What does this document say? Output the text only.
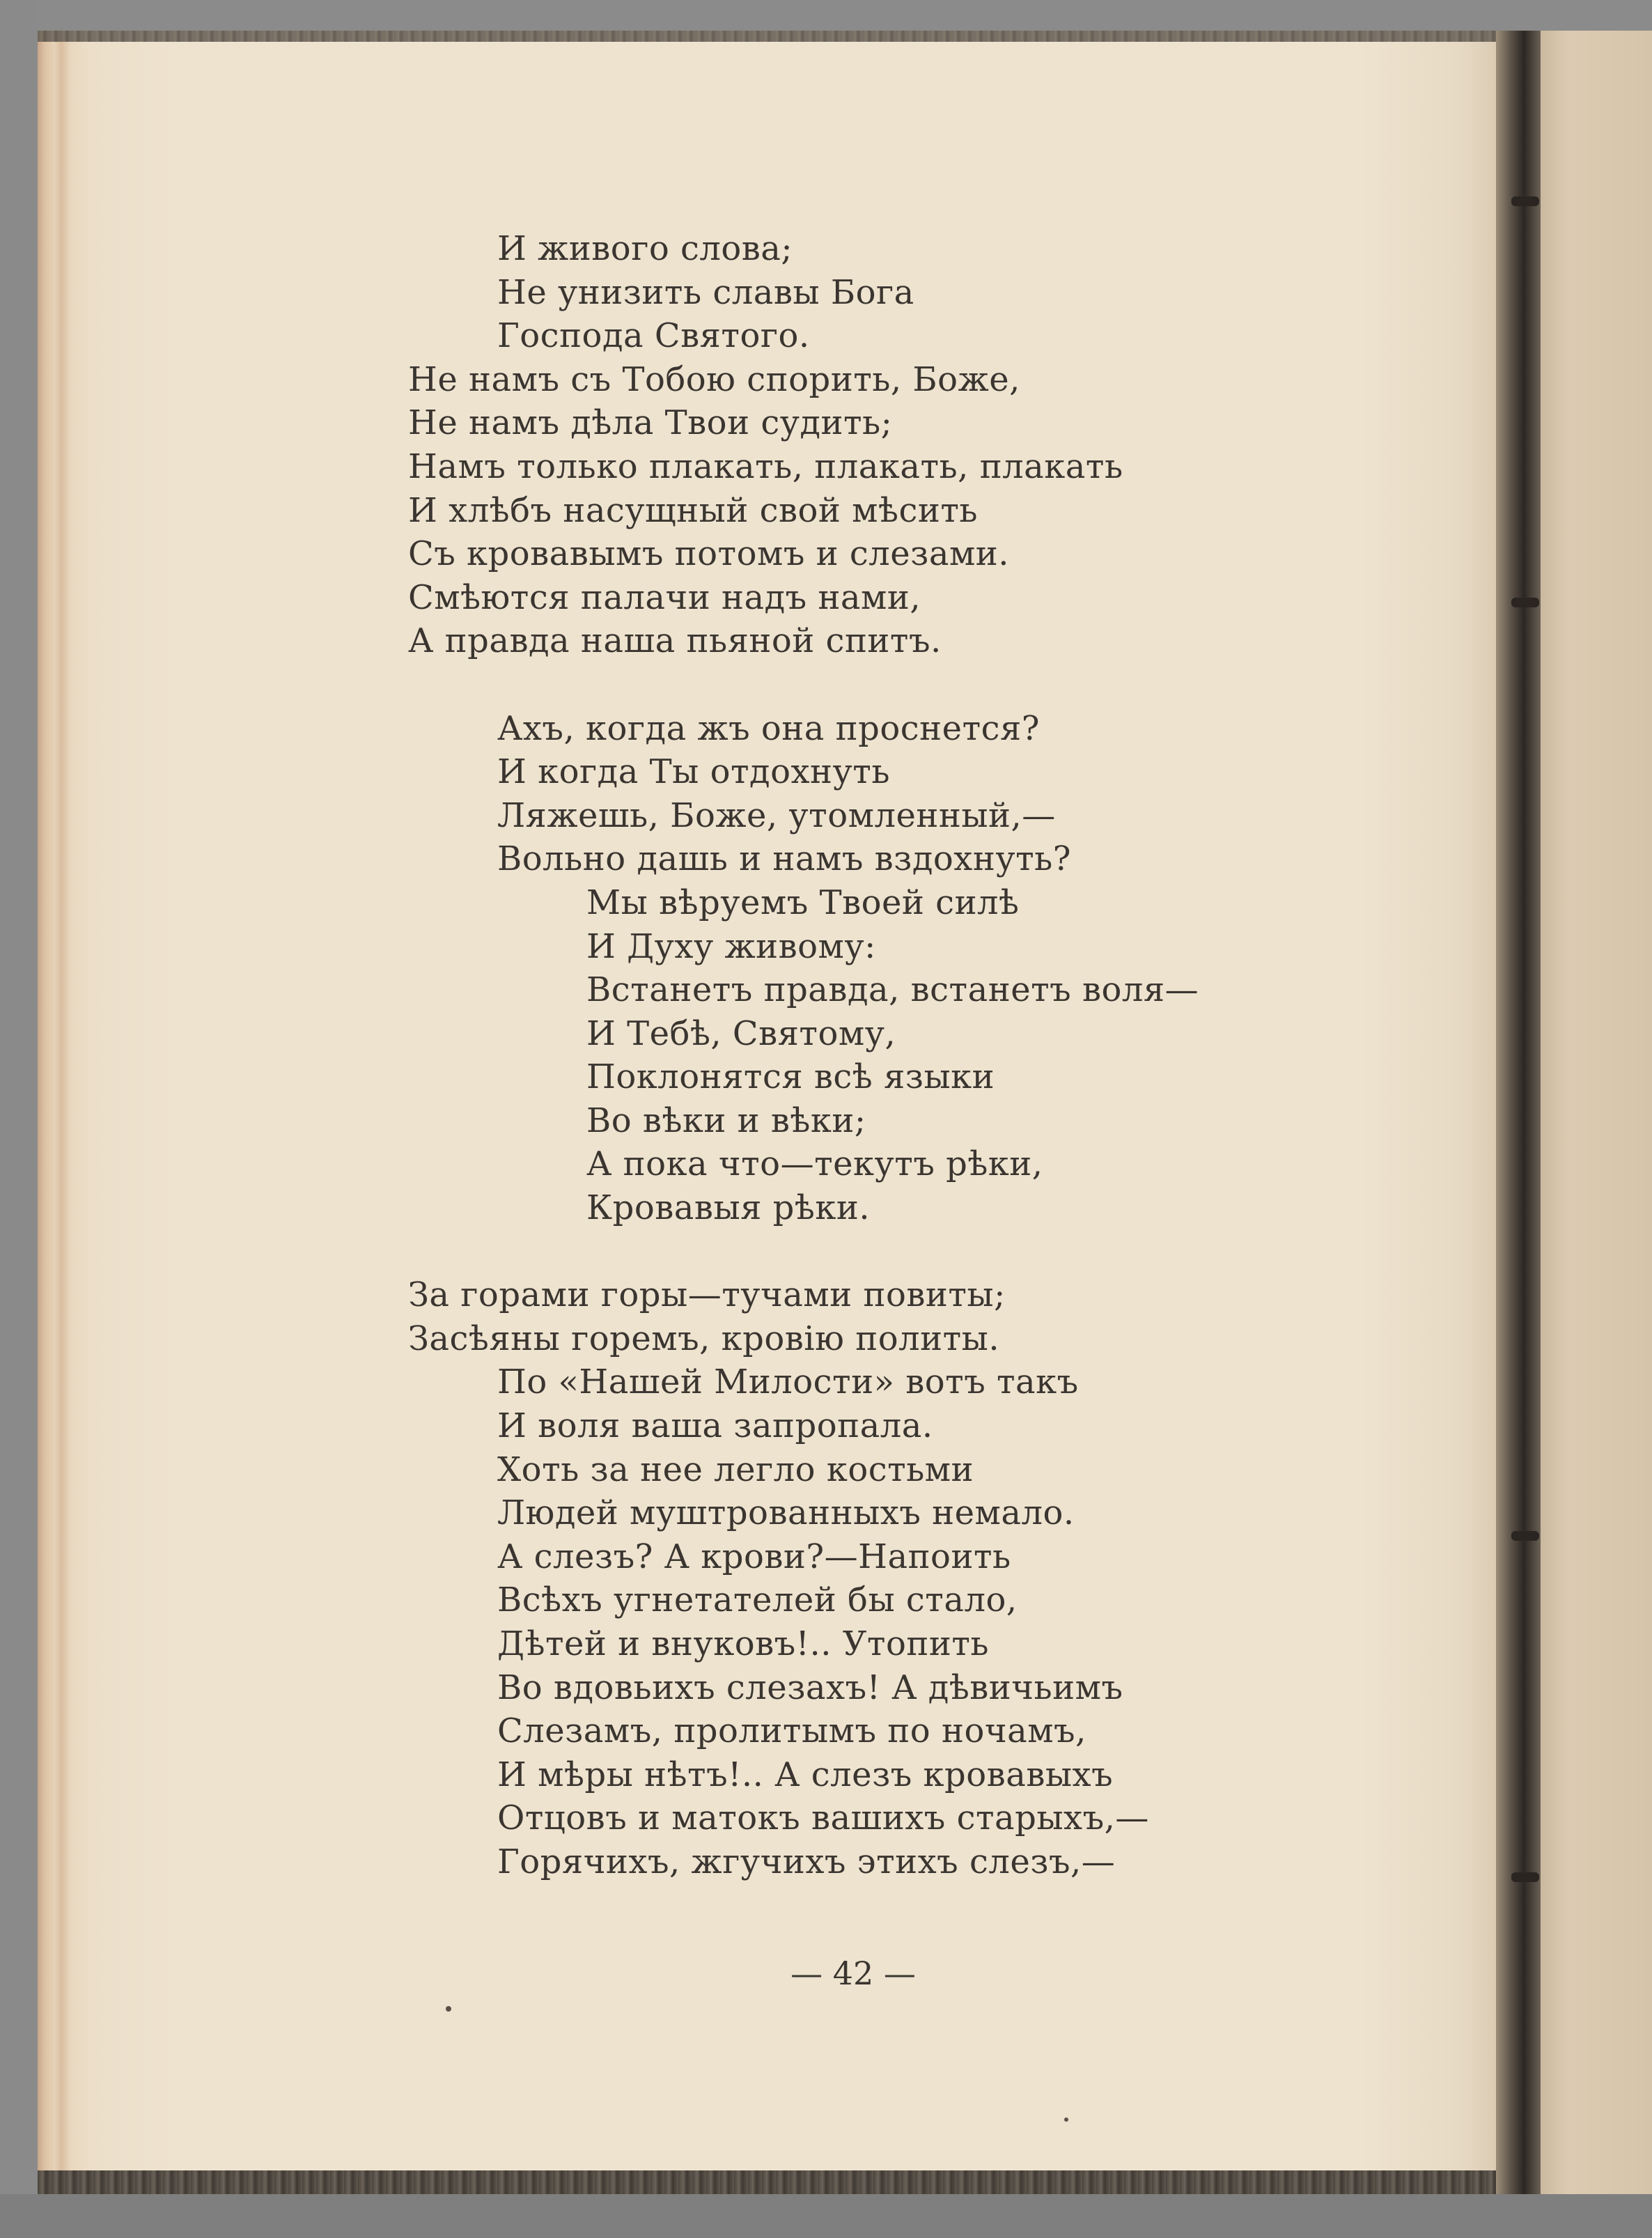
И живого слова;
Не унизить славы Бога
Господа Святого.
Не намъ съ Тобою спорить, Боже,
Не намъ дѣла Твои судить;
Намъ только плакать, плакать, плакать
И хлѣбъ насущный свой мѣсить
Съ кровавымъ потомъ и слезами.
Смѣются палачи надъ нами,
А правда наша пьяной спитъ.
Ахъ, когда жъ она проснется?
И когда Ты отдохнуть
Ляжешь, Боже, утомленный,—
Вольно дашь и намъ вздохнуть?
Мы вѣруемъ Твоей силѣ
И Духу живому:
Встанетъ правда, встанетъ воля—
И Тебѣ, Святому,
Поклонятся всѣ языки
Во вѣки и вѣки;
А пока что—текутъ рѣки,
Кровавыя рѣки.
За горами горы—тучами повиты;
Засѣяны горемъ, кровію политы.
По «Нашей Милости» вотъ такъ
И воля ваша запропала.
Хоть за нее легло костьми
Людей муштрованныхъ немало.
А слезъ? А крови?—Напоить
Всѣхъ угнетателей бы стало,
Дѣтей и внуковъ!.. Утопить
Во вдовьихъ слезахъ! А дѣвичьимъ
Слезамъ, пролитымъ по ночамъ,
И мѣры нѣтъ!.. А слезъ кровавыхъ
Отцовъ и матокъ вашихъ старыхъ,—
Горячихъ, жгучихъ этихъ слезъ,—
— 42 —
